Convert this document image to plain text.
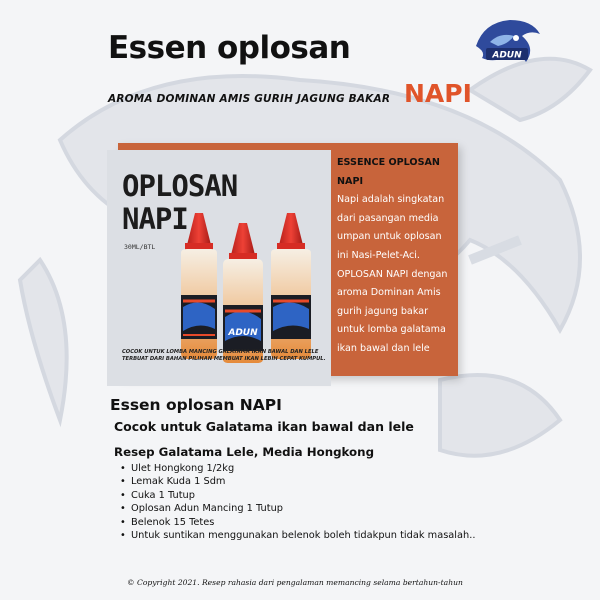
ADUN
Essen oplosan
AROMA DOMINAN AMIS GURIH JAGUNG BAKAR NAPI
OPLOSAN
NAPI
30ML/BTL
ADUN
COCOK UNTUK LOMBA MANCING GALATAMA IKAN BAWAL DAN LELE
TERBUAT DARI BAHAN PILIHAN MEMBUAT IKAN LEBIH CEPAT KUMPUL.
ESSENCE OPLOSAN NAPI
Napi adalah singkatan
dari pasangan media
umpan untuk oplosan
ini Nasi-Pelet-Aci.
OPLOSAN NAPI dengan
aroma Dominan Amis
gurih jagung bakar
untuk lomba galatama
ikan bawal dan lele
Essen oplosan NAPI
Cocok untuk Galatama ikan bawal dan lele
Resep Galatama Lele, Media Hongkong
• Ulet Hongkong 1/2kg
• Lemak Kuda 1 Sdm
• Cuka 1 Tutup
• Oplosan Adun Mancing 1 Tutup
• Belenok 15 Tetes
• Untuk suntikan menggunakan belenok boleh tidakpun tidak masalah..
© Copyright 2021. Resep rahasia dari pengalaman memancing selama bertahun-tahun
